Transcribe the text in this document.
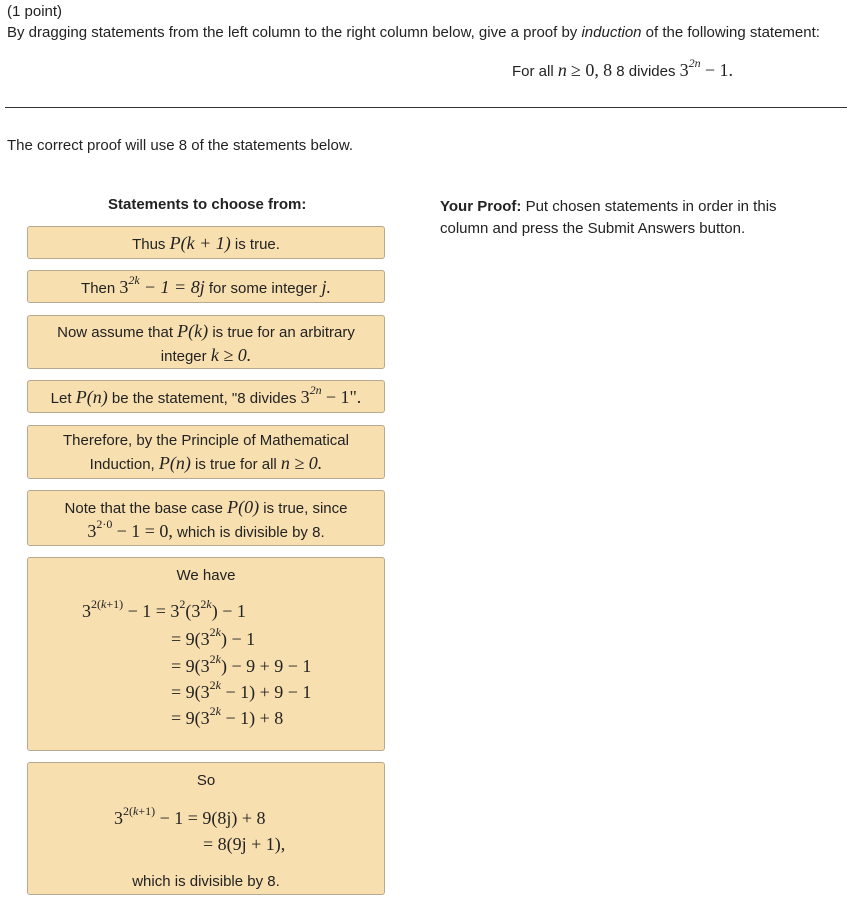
(1 point)
By dragging statements from the left column to the right column below, give a proof by induction of the following statement:
For all n ≥ 0, 8 8 divides $3^{2n} - 1$.
The correct proof will use 8 of the statements below.
Statements to choose from:	Your Proof: Put chosen statements in order in this column and press the Submit Answers button.
Thus P(k + 1) is true.
Then $3^{2k} - 1 = 8j$ for some integer j.
Now assume that P(k) is true for an arbitrary
integer k ≥ 0.
Let P(n) be the statement, "8 divides $3^{2n} - 1$".
Therefore, by the Principle of Mathematical
Induction, P(n) is true for all n ≥ 0.
Note that the base case P(0) is true, since
$3^{2\cdot 0} - 1 = 0$, which is divisible by 8.
We have
$3^{2(k+1)} - 1 = 3^2(3^{2k}) - 1$
= $9(3^{2k}) - 1$
= $9(3^{2k}) - 9 + 9 - 1$
= $9(3^{2k} - 1) + 9 - 1$
= $9(3^{2k} - 1) + 8$
So
$3^{2(k+1)} - 1 = 9(8j) + 8$
= 8(9j + 1),
which is divisible by 8.
